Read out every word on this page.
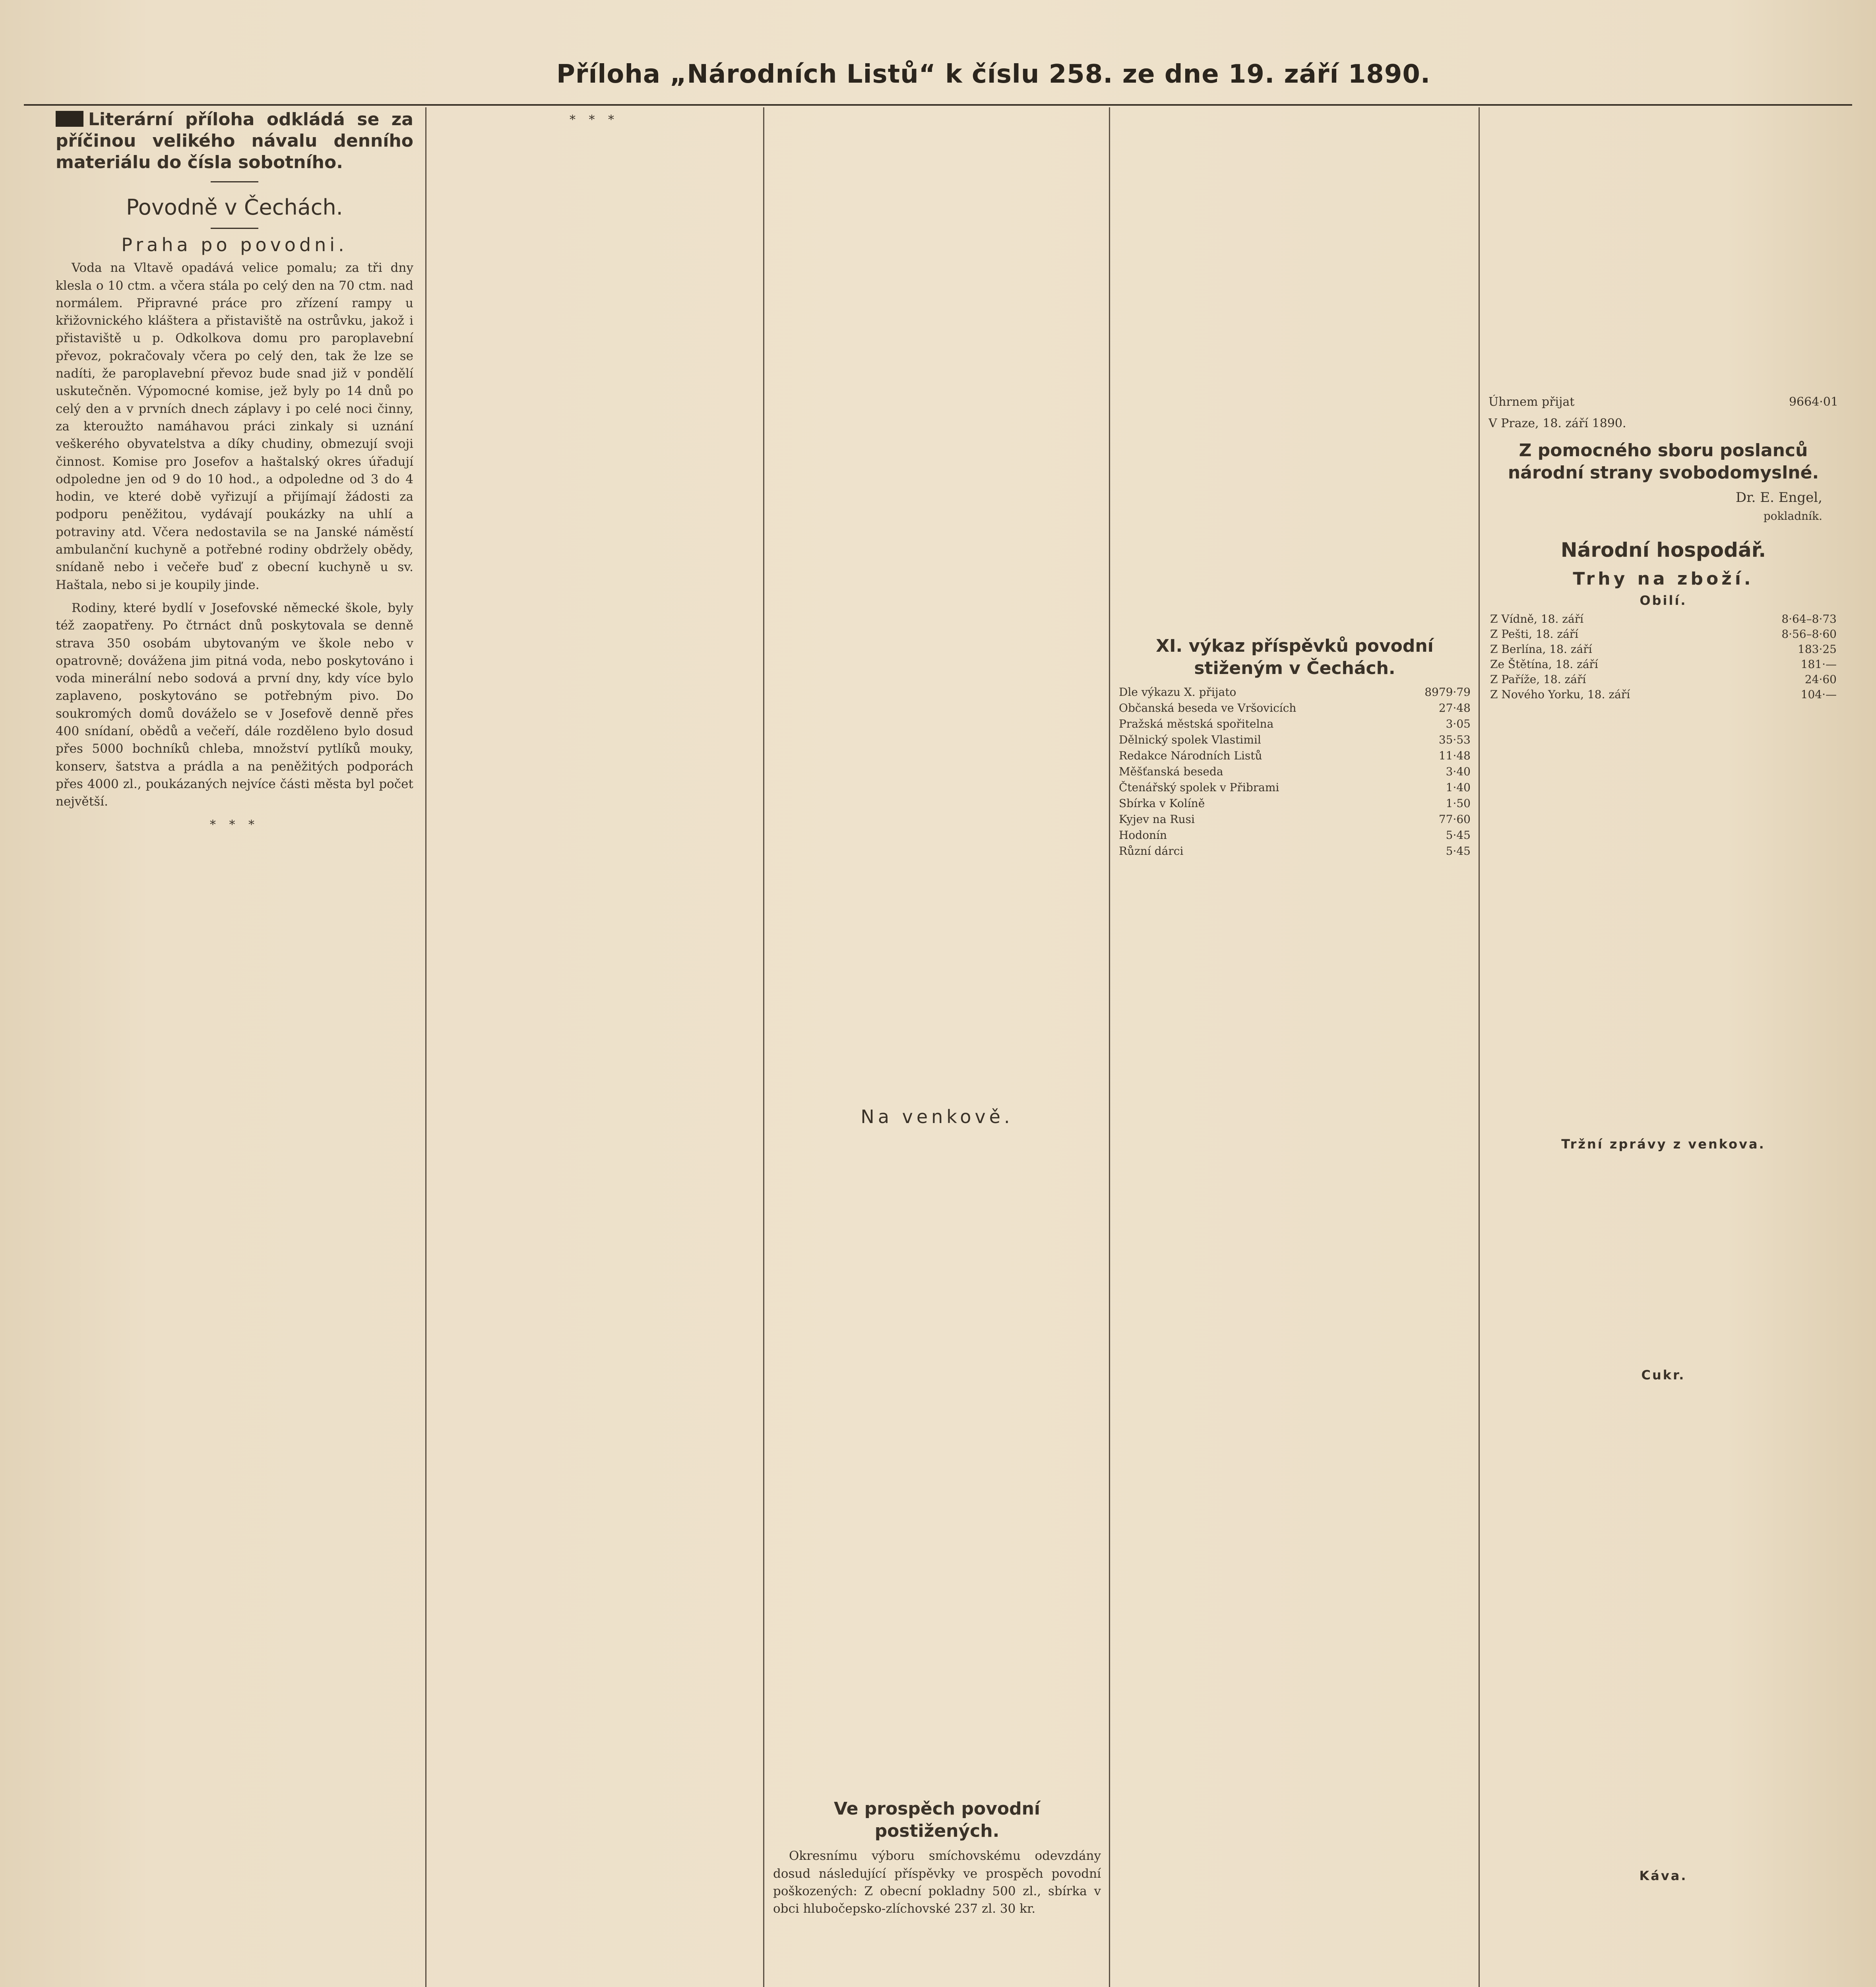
Příloha „Národních Listů“ k číslu 258. ze dne 19. září 1890.
Literární příloha odkládá se za příčinou velikého návalu denního materiálu do čísla sobotního.
Povodně v Čechách.
Praha po povodni.

Voda na Vltavě opadává velice pomalu; za tři dny klesla o 10 ctm. a včera stála po celý den na 70 ctm. nad normálem. Připravné práce pro zřízení rampy u křižovnického kláštera a přistaviště na ostrůvku, jakož i přistaviště u p. Odkolkova domu pro paroplavební převoz, pokračovaly včera po celý den, tak že lze se nadíti, že paroplavební převoz bude snad již v pondělí uskutečněn. Výpomocné komise, jež byly po 14 dnů po celý den a v prvních dnech záplavy i po celé noci činny, za kteroužto namáhavou práci zinkaly si uznání veškerého obyvatelstva a díky chudiny, obmezují svoji činnost. Komise pro Josefov a haštalský okres úřadují odpoledne jen od 9 do 10 hod., a odpoledne od 3 do 4 hodin, ve které době vyřizují a přijímají žádosti za podporu peněžitou, vydávají poukázky na uhlí a potraviny atd. Včera nedostavila se na Janské náměstí ambulanční kuchyně a potřebné rodiny obdržely obědy, snídaně nebo i večeře buď z obecní kuchyně u sv. Haštala, nebo si je koupily jinde.

Rodiny, které bydlí v Josefovské německé škole, byly též zaopatřeny. Po čtrnáct dnů poskytovala se denně strava 350 osobám ubytovaným ve škole nebo v opatrovně; dovážena jim pitná voda, nebo poskytováno i voda minerální nebo sodová a první dny, kdy více bylo zaplaveno, poskytováno se potřebným pivo. Do soukromých domů dováželo se v Josefově denně přes 400 snídaní, obědů a večeří, dále rozděleno bylo dosud přes 5000 bochníků chleba, množství pytlíků mouky, konserv, šatstva a prádla a na peněžitých podporách přes 4000 zl., poukázaných nejvíce části města byl počet největší.

* * *
* * *
Na venkově.
Ve prospěch povodní postižených.

Okresnímu výboru smíchovskému odevzdány dosud následující příspěvky ve prospěch povodní poškozených: Z obecní pokladny 500 zl., sbírka v obci hlubočepsko-zlíchovské 237 zl. 30 kr.

XI. výkaz příspěvků povodní stiženým v Čechách.
Dle výkazu X. přijato	8979·79
Občanská beseda ve Vršovicích	27·48
Pražská městská spořitelna	3·05
Dělnický spolek Vlastimil	35·53
Redakce Národních Listů	11·48
Měšťanská beseda	3·40
Čtenářský spolek v Přibrami	1·40
Sbírka v Kolíně	1·50
Kyjev na Rusi	77·60
Hodonín	5·45
Různí dárci	5·45
Úhrnem přijat	9664·01
V Praze, 18. září 1890.
Z pomocného sboru poslanců národní strany svobodomyslné.
Dr. E. Engel,
pokladník.
Národní hospodář.
Trhy na zboží.
Obilí.
Z Vídně, 18. září	8·64–8·73
Z Pešti, 18. září	8·56–8·60
Z Berlína, 18. září	183·25
Ze Štětína, 18. září	181·—
Z Paříže, 18. září	24·60
Z Nového Yorku, 18. září	104·—
Tržní zprávy z venkova.
Cukr.
Káva.
